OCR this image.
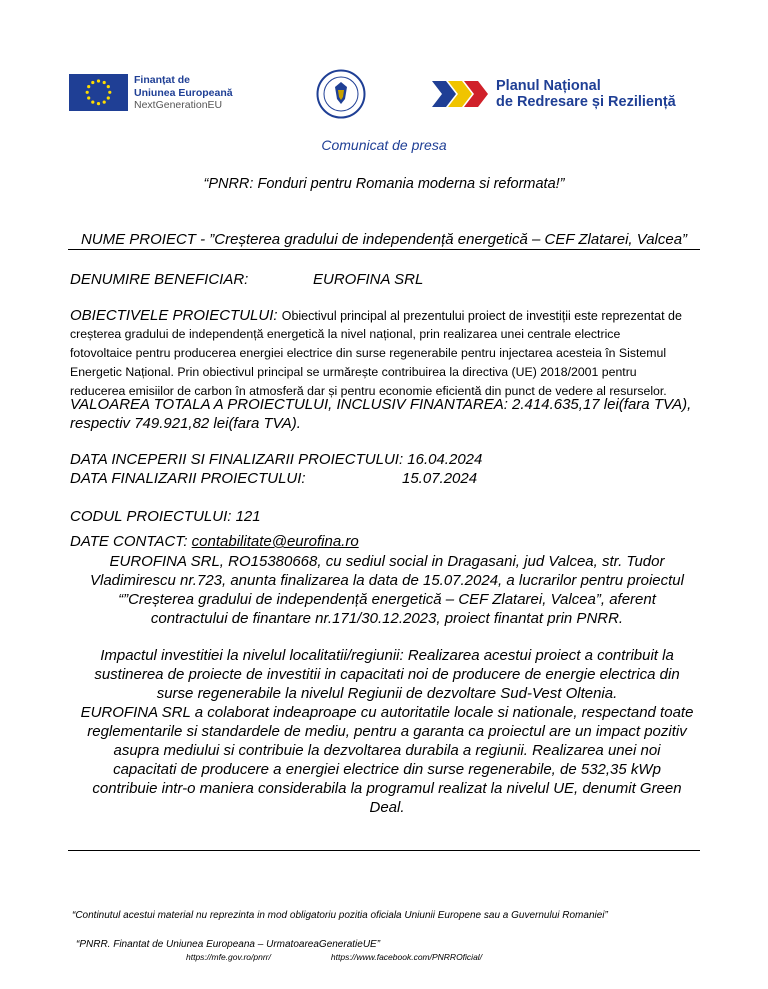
Finanțat de
Uniunea Europeană
NextGenerationEU
Planul Național
de Redresare și Reziliență
Comunicat de presa
“PNRR: Fonduri pentru Romania moderna si reformata!”
NUME PROIECT - ”Creșterea gradului de independență energetică – CEF Zlatarei, Valcea”
DENUMIRE BENEFICIAR:	EUROFINA SRL
OBIECTIVELE PROIECTULUI: Obiectivul principal al prezentului proiect de investiții este reprezentat de
creșterea gradului de independență energetică la nivel național, prin realizarea unei centrale electrice
fotovoltaice pentru producerea energiei electrice din surse regenerabile pentru injectarea acesteia în Sistemul
Energetic Național. Prin obiectivul principal se urmărește contribuirea la directiva (UE) 2018/2001 pentru
reducerea emisiilor de carbon în atmosferă dar și pentru economie eficientă din punct de vedere al resurselor.
VALOAREA TOTALA A PROIECTULUI, INCLUSIV FINANTAREA: 2.414.635,17 lei(fara TVA),
respectiv 749.921,82 lei(fara TVA).
DATA INCEPERII SI FINALIZARII PROIECTULUI: 16.04.2024
DATA FINALIZARII PROIECTULUI:	15.07.2024
CODUL PROIECTULUI: 121
DATE CONTACT: contabilitate@eurofina.ro
EUROFINA SRL, RO15380668, cu sediul social in Dragasani, jud Valcea, str. Tudor
Vladimirescu nr.723, anunta finalizarea la data de 15.07.2024, a lucrarilor pentru proiectul
“”Creșterea gradului de independență energetică – CEF Zlatarei, Valcea”, aferent
contractului de finantare nr.171/30.12.2023, proiect finantat prin PNRR.
Impactul investitiei la nivelul localitatii/regiunii: Realizarea acestui proiect a contribuit la
sustinerea de proiecte de investitii in capacitati noi de producere de energie electrica din
surse regenerabile la nivelul Regiunii de dezvoltare Sud-Vest Oltenia.
EUROFINA SRL a colaborat indeaproape cu autoritatile locale si nationale, respectand toate
reglementarile si standardele de mediu, pentru a garanta ca proiectul are un impact pozitiv
asupra mediului si contribuie la dezvoltarea durabila a regiunii. Realizarea unei noi
capacitati de producere a energiei electrice din surse regenerabile, de 532,35 kWp
contribuie intr-o maniera considerabila la programul realizat la nivelul UE, denumit Green
Deal.
“Continutul acestui material nu reprezinta in mod obligatoriu pozitia oficiala Uniunii Europene sau a Guvernului Romaniei”
“PNRR. Finantat de Uniunea Europeana – UrmatoareaGeneratieUE”
https://mfe.gov.ro/pnrr/	https://www.facebook.com/PNRROficial/
